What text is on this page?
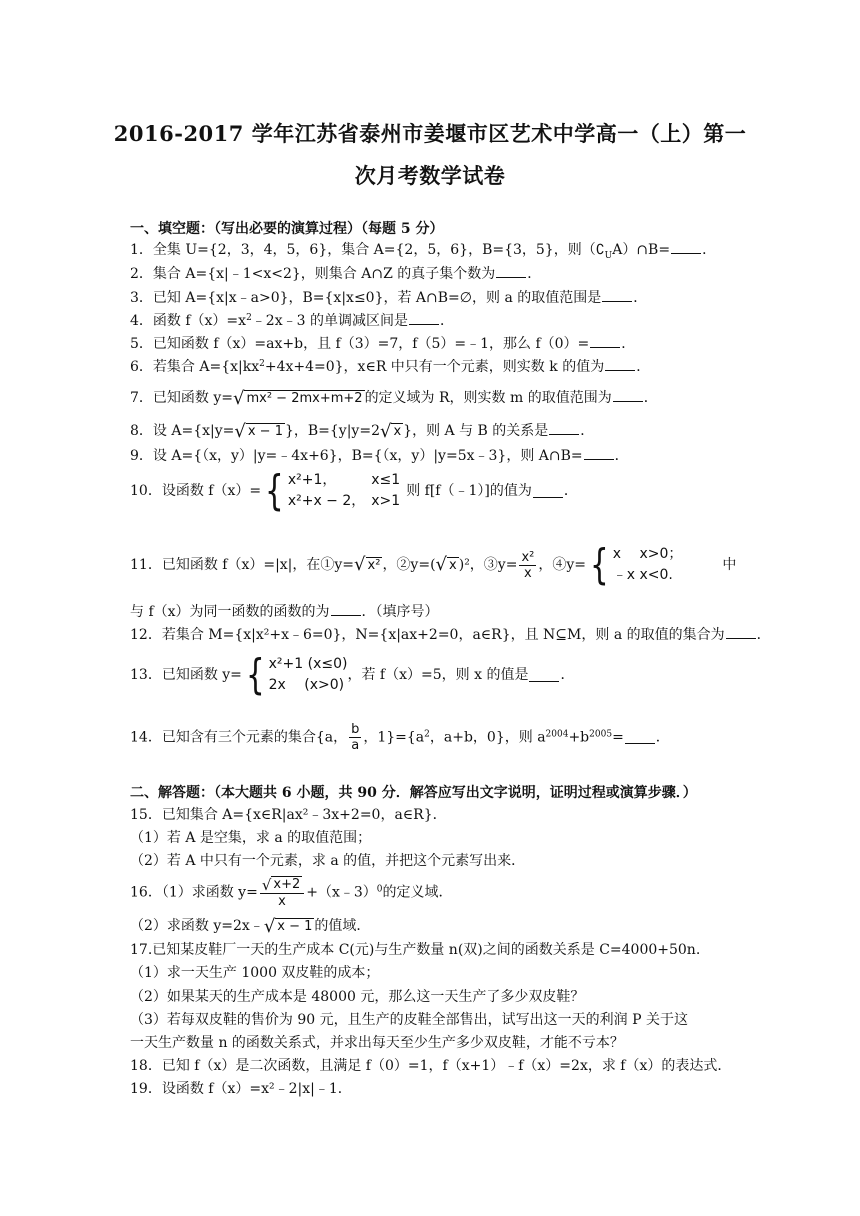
2016-2017 学年江苏省泰州市姜堰市区艺术中学高一（上）第一
次月考数学试卷
一、填空题：（写出必要的演算过程）（每题 5 分）
1．全集 U={2，3，4，5，6}，集合 A={2，5，6}，B={3，5}，则$(∁_UA)\cap B=$ ．
2．集合 A={x|﹣1<x<2}，则集合 A∩Z 的真子集个数为 ．
3．已知 A={x|x﹣a>0}，B={x|x≤0}，若 A∩B=∅，则 a 的取值范围是 ．
4．函数 $f(x)=x^2﹣2x﹣3$ 的单调减区间是 ．
5．已知函数 f（x）=ax+b，且 f（3）=7，f（5）=﹣1，那么 f（0）= ．
6．若集合 $A=\{x|kx^2+4x+4=0\}$，x∈R 中只有一个元素，则实数 k 的值为 ．
7．已知函数 y=√ mx² − 2mx+m+2 的定义域为 R，则实数 m 的取值范围为 ．
8．设 A={x|y=√ x − 1 }，B={y|y=2√ x }，则 A 与 B 的关系是 ．
9．设 A={（x，y）|y=﹣4x+6}，B={（x，y）|y=5x﹣3}，则 A∩B= ．
10．设函数 f（x）={ x²+1，	x≤1
x²+x − 2，	x>1
则 f[f（﹣1）]的值为 ．
11．已知函数 f（x）=|x|，在①y=√ x² ，②y=(√ x )²，③y= $\frac{\text{x²}}{x}$ ，④y={ x　 x>0；
﹣x x<0.
中
与 f（x）为同一函数的函数的为 ．（填序号）
12．若集合 M={x|x²+x﹣6=0}，N={x|ax+2=0，a∈R}，且 N⊆M，则 a 的取值的集合为 ．
13．已知函数 y={ x²+1 (x≤0)
2x　 (x>0)
，若 f（x）=5，则 x 的值是 ．
14．已知含有三个元素的集合{a， $\frac{b}{a}$ ，$1\}=\{a^2$，a+b，0}，则 $a^{2004}+b^{2005}=$ ．
二、解答题：（本大题共 6 小题，共 90 分．解答应写出文字说明，证明过程或演算步骤．）
15．已知集合 A={x∈R|ax²﹣3x+2=0，a∈R}．
（1）若 A 是空集，求 a 的取值范围；
（2）若 A 中只有一个元素，求 a 的值，并把这个元素写出来．
16．（1）求函数 $y= \frac{√ x+2}{x}$ +（x﹣3）$^0$的定义域．
（2）求函数 y=2x﹣√ x − 1 的值域．
17.已知某皮鞋厂一天的生产成本 C(元)与生产数量 n(双)之间的函数关系是 C=4000+50n.
（1）求一天生产 1000 双皮鞋的成本；
（2）如果某天的生产成本是 48000 元，那么这一天生产了多少双皮鞋？
（3）若每双皮鞋的售价为 90 元，且生产的皮鞋全部售出，试写出这一天的利润 P 关于这
一天生产数量 n 的函数关系式，并求出每天至少生产多少双皮鞋，才能不亏本？
18．已知 f（x）是二次函数，且满足 f（0）=1，f（x+1）﹣f（x）=2x，求 f（x）的表达式．
19．设函数 f（x）=x²﹣2|x|﹣1．
